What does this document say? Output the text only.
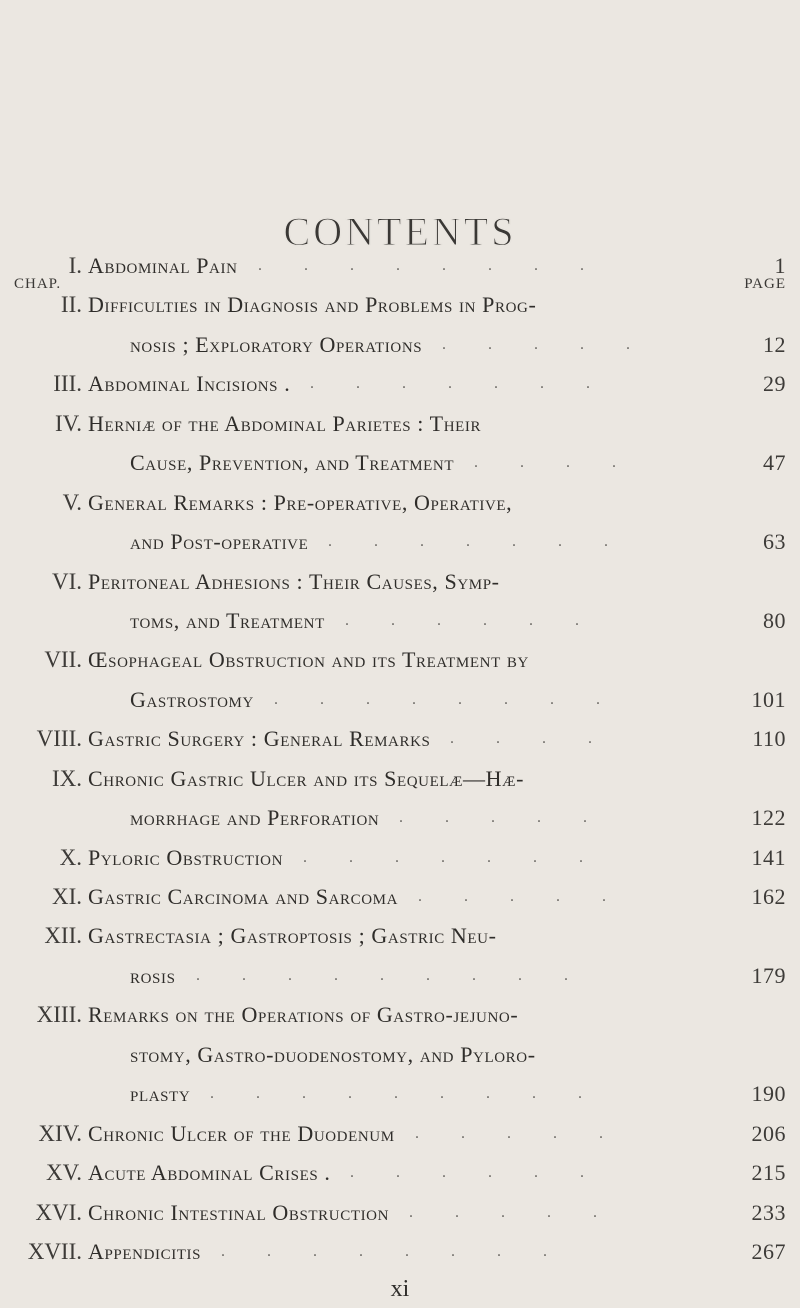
CONTENTS
CHAP.	PAGE
I. Abdominal Pain	1
........
II. Difficulties in Diagnosis and Problems in Prog-
nosis ; Exploratory Operations	12
.....
III. Abdominal Incisions .	29
.......
IV. Herniæ of the Abdominal Parietes : Their
Cause, Prevention, and Treatment	47
....
V. General Remarks : Pre-operative, Operative,
and Post-operative	63
.......
VI. Peritoneal Adhesions : Their Causes, Symp-
toms, and Treatment	80
......
VII. Œsophageal Obstruction and its Treatment by
Gastrostomy	101
........
VIII. Gastric Surgery : General Remarks	110
....
IX. Chronic Gastric Ulcer and its Sequelæ—Hæ-
morrhage and Perforation	122
.....
X. Pyloric Obstruction	141
.......
XI. Gastric Carcinoma and Sarcoma	162
.....
XII. Gastrectasia ; Gastroptosis ; Gastric Neu-
rosis	179
.........
XIII. Remarks on the Operations of Gastro-jejuno-
stomy, Gastro-duodenostomy, and Pyloro-
plasty	190
.........
XIV. Chronic Ulcer of the Duodenum	206
.....
XV. Acute Abdominal Crises .	215
......
XVI. Chronic Intestinal Obstruction	233
.....
XVII. Appendicitis	267
........
xi
